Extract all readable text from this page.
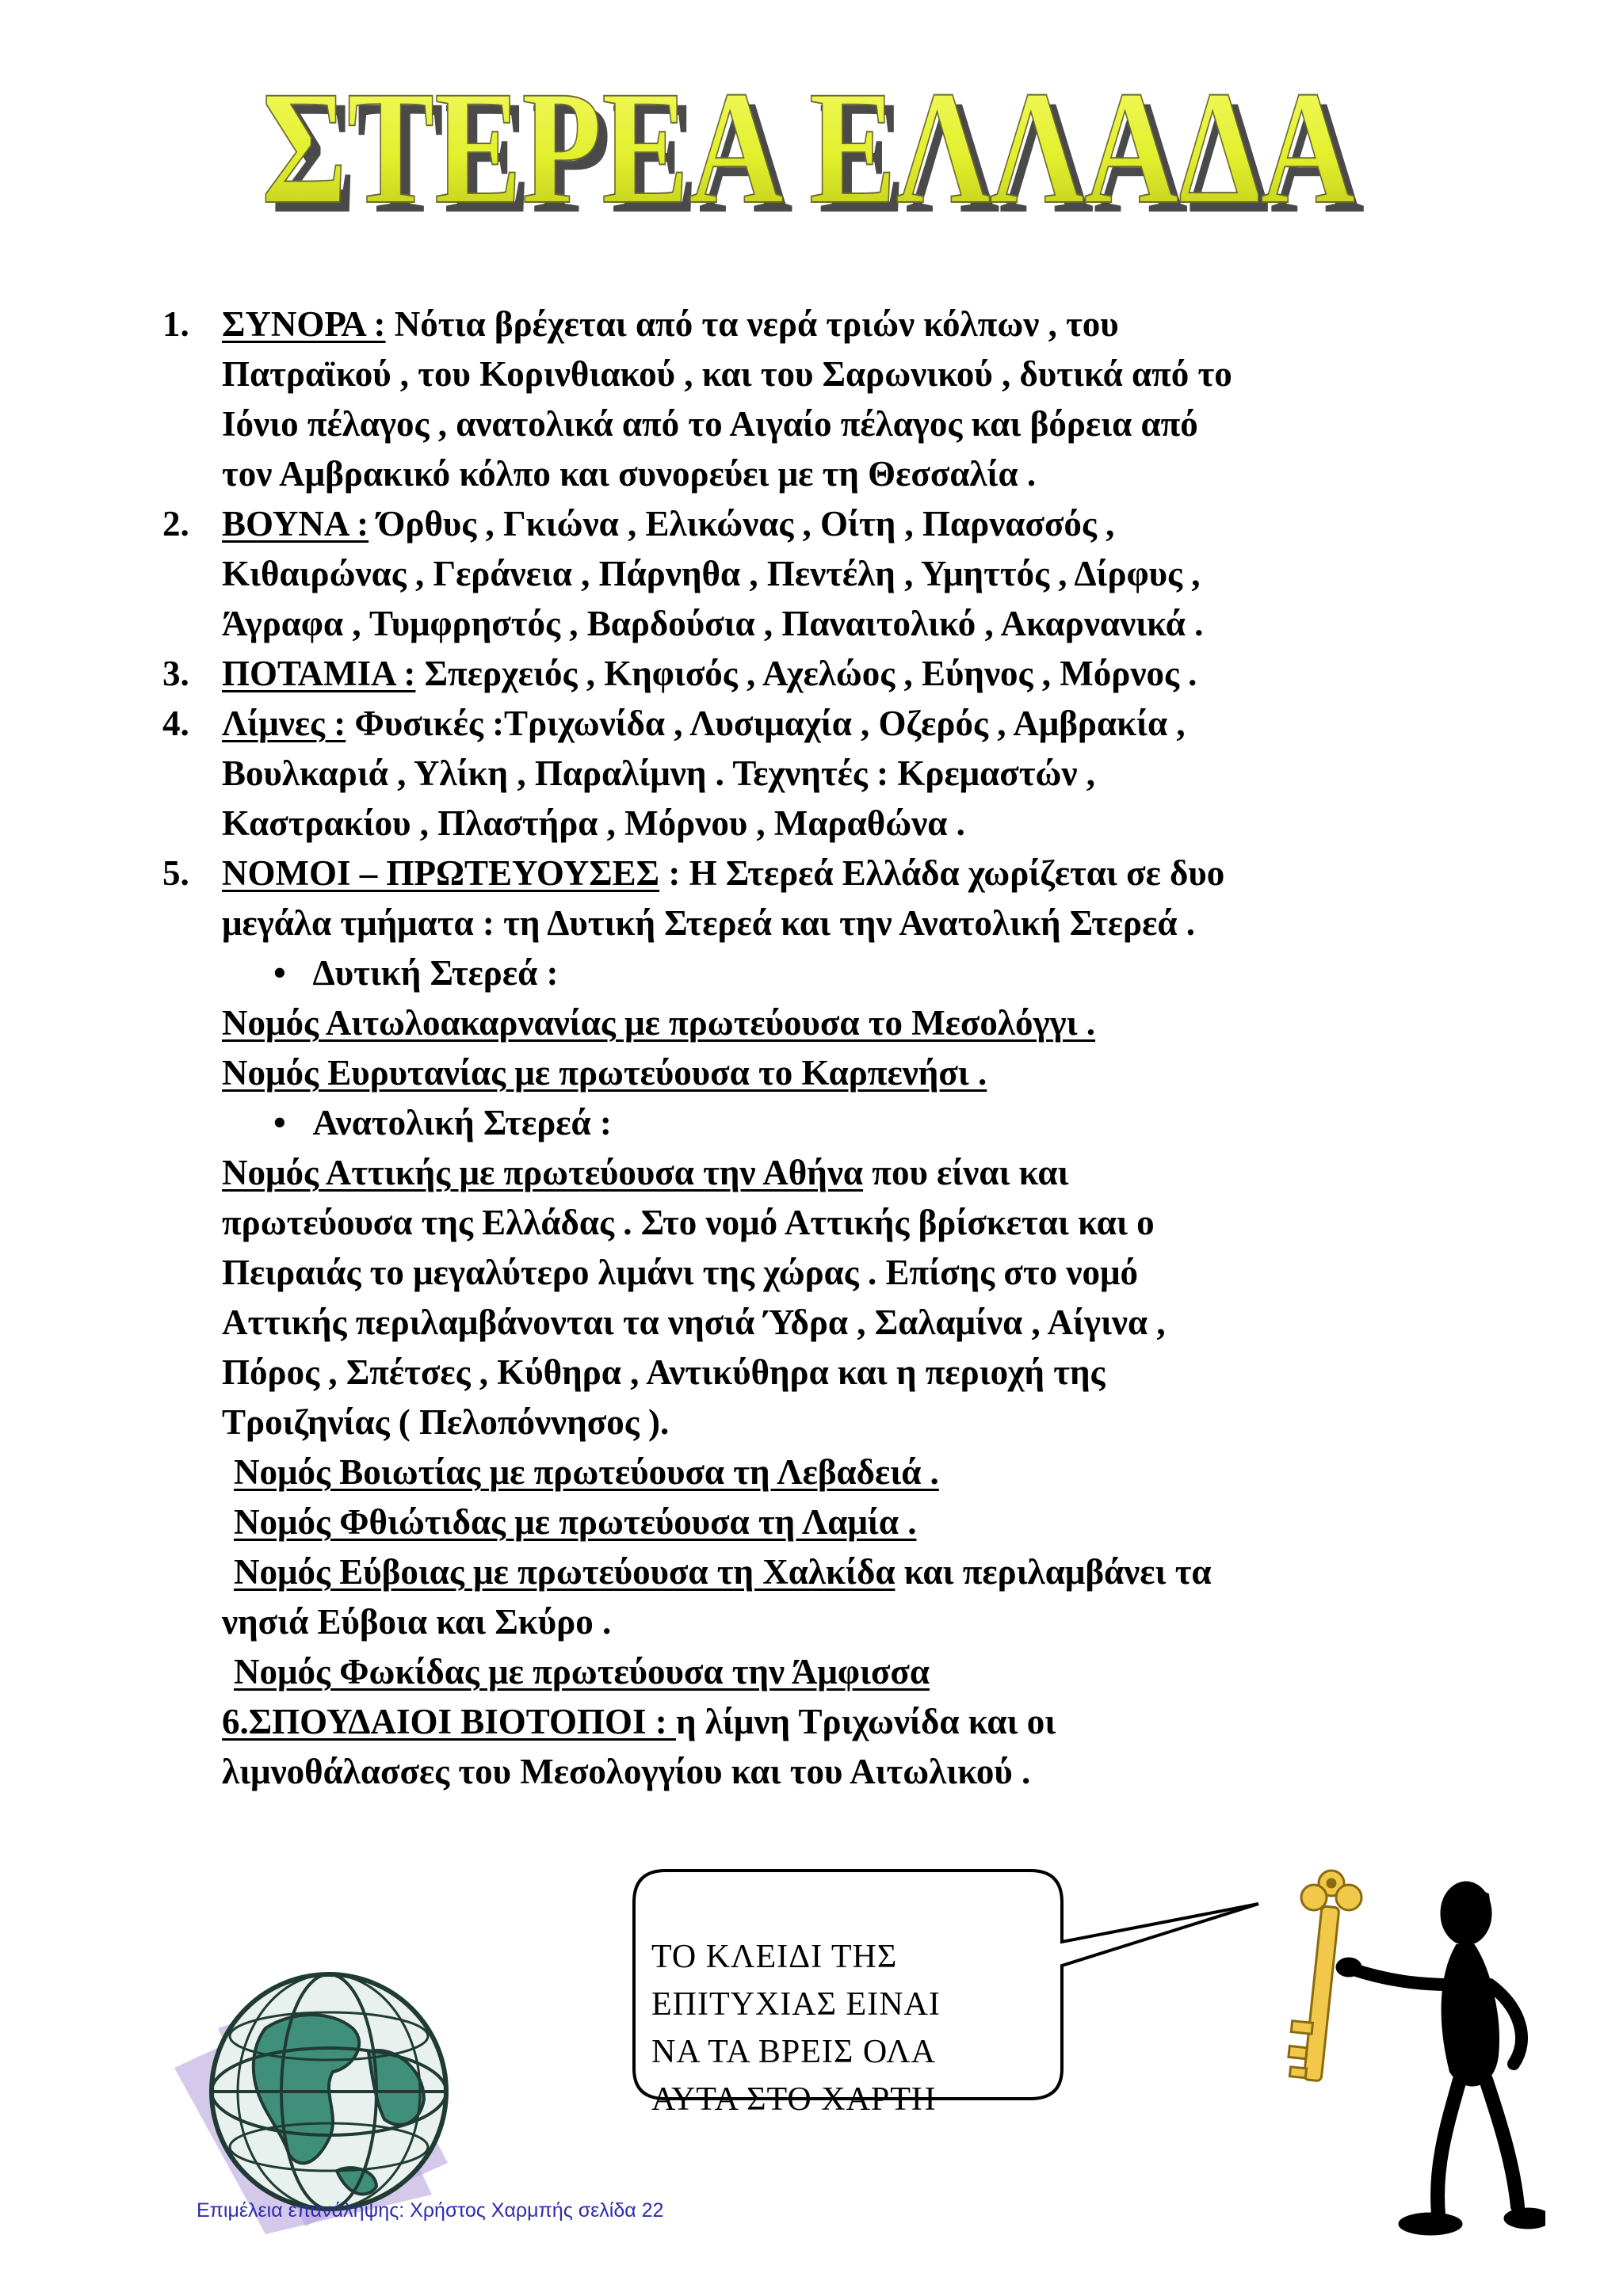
ΣΤΕΡΕΑ ΕΛΛΑΔΑ
ΣΤΕΡΕΑ ΕΛΛΑΔΑ
1. ΣΥΝΟΡΑ : Νότια βρέχεται από τα νερά τριών κόλπων , του

Πατραϊκού , του Κορινθιακού , και του Σαρωνικού , δυτικά από το

Ιόνιο πέλαγος , ανατολικά από το Αιγαίο πέλαγος και βόρεια από

τον Αμβρακικό κόλπο και συνορεύει με τη Θεσσαλία .

2. ΒΟΥΝΑ : Όρθυς , Γκιώνα , Ελικώνας , Οίτη , Παρνασσός ,

Κιθαιρώνας , Γεράνεια , Πάρνηθα , Πεντέλη , Υμηττός , Δίρφυς ,

Άγραφα , Τυμφρηστός , Βαρδούσια , Παναιτολικό , Ακαρνανικά .

3. ΠΟΤΑΜΙΑ : Σπερχειός , Κηφισός , Αχελώος , Εύηνος , Μόρνος .

4. Λίμνες : Φυσικές :Τριχωνίδα , Λυσιμαχία , Οζερός , Αμβρακία ,

Βουλκαριά , Υλίκη , Παραλίμνη . Τεχνητές : Κρεμαστών ,

Καστρακίου , Πλαστήρα , Μόρνου , Μαραθώνα .

5. ΝΟΜΟΙ – ΠΡΩΤΕΥΟΥΣΕΣ : Η Στερεά Ελλάδα χωρίζεται σε δυο

μεγάλα τμήματα : τη Δυτική Στερεά και την Ανατολική Στερεά .

•   Δυτική Στερεά :

Νομός Αιτωλοακαρνανίας με πρωτεύουσα το Μεσολόγγι .

Νομός Ευρυτανίας με πρωτεύουσα το Καρπενήσι .

•   Ανατολική Στερεά :

Νομός Αττικής με πρωτεύουσα την Αθήνα που είναι και

πρωτεύουσα της Ελλάδας . Στο νομό Αττικής βρίσκεται και ο

Πειραιάς το μεγαλύτερο λιμάνι της χώρας . Επίσης στο νομό

Αττικής περιλαμβάνονται τα νησιά Ύδρα , Σαλαμίνα , Αίγινα ,

Πόρος , Σπέτσες , Κύθηρα , Αντικύθηρα και η περιοχή της

Τροιζηνίας ( Πελοπόννησος ).

Νομός Βοιωτίας με πρωτεύουσα τη Λεβαδειά .

Νομός Φθιώτιδας με πρωτεύουσα τη Λαμία .

Νομός Εύβοιας με πρωτεύουσα τη Χαλκίδα και περιλαμβάνει τα

νησιά Εύβοια και Σκύρο .

Νομός Φωκίδας με πρωτεύουσα την Άμφισσα

6.ΣΠΟΥΔΑΙΟΙ ΒΙΟΤΟΠΟΙ : η λίμνη Τριχωνίδα και οι

λιμνοθάλασσες του Μεσολογγίου και του Αιτωλικού .

ΤΟ ΚΛΕΙΔΙ ΤΗΣ
ΕΠΙΤΥΧΙΑΣ ΕΙΝΑΙ
ΝΑ ΤΑ ΒΡΕΙΣ ΟΛΑ
ΑΥΤΑ ΣΤΟ ΧΑΡΤΗ
Επιμέλεια επανάληψης: Χρήστος Χαρμπής σελίδα 22
